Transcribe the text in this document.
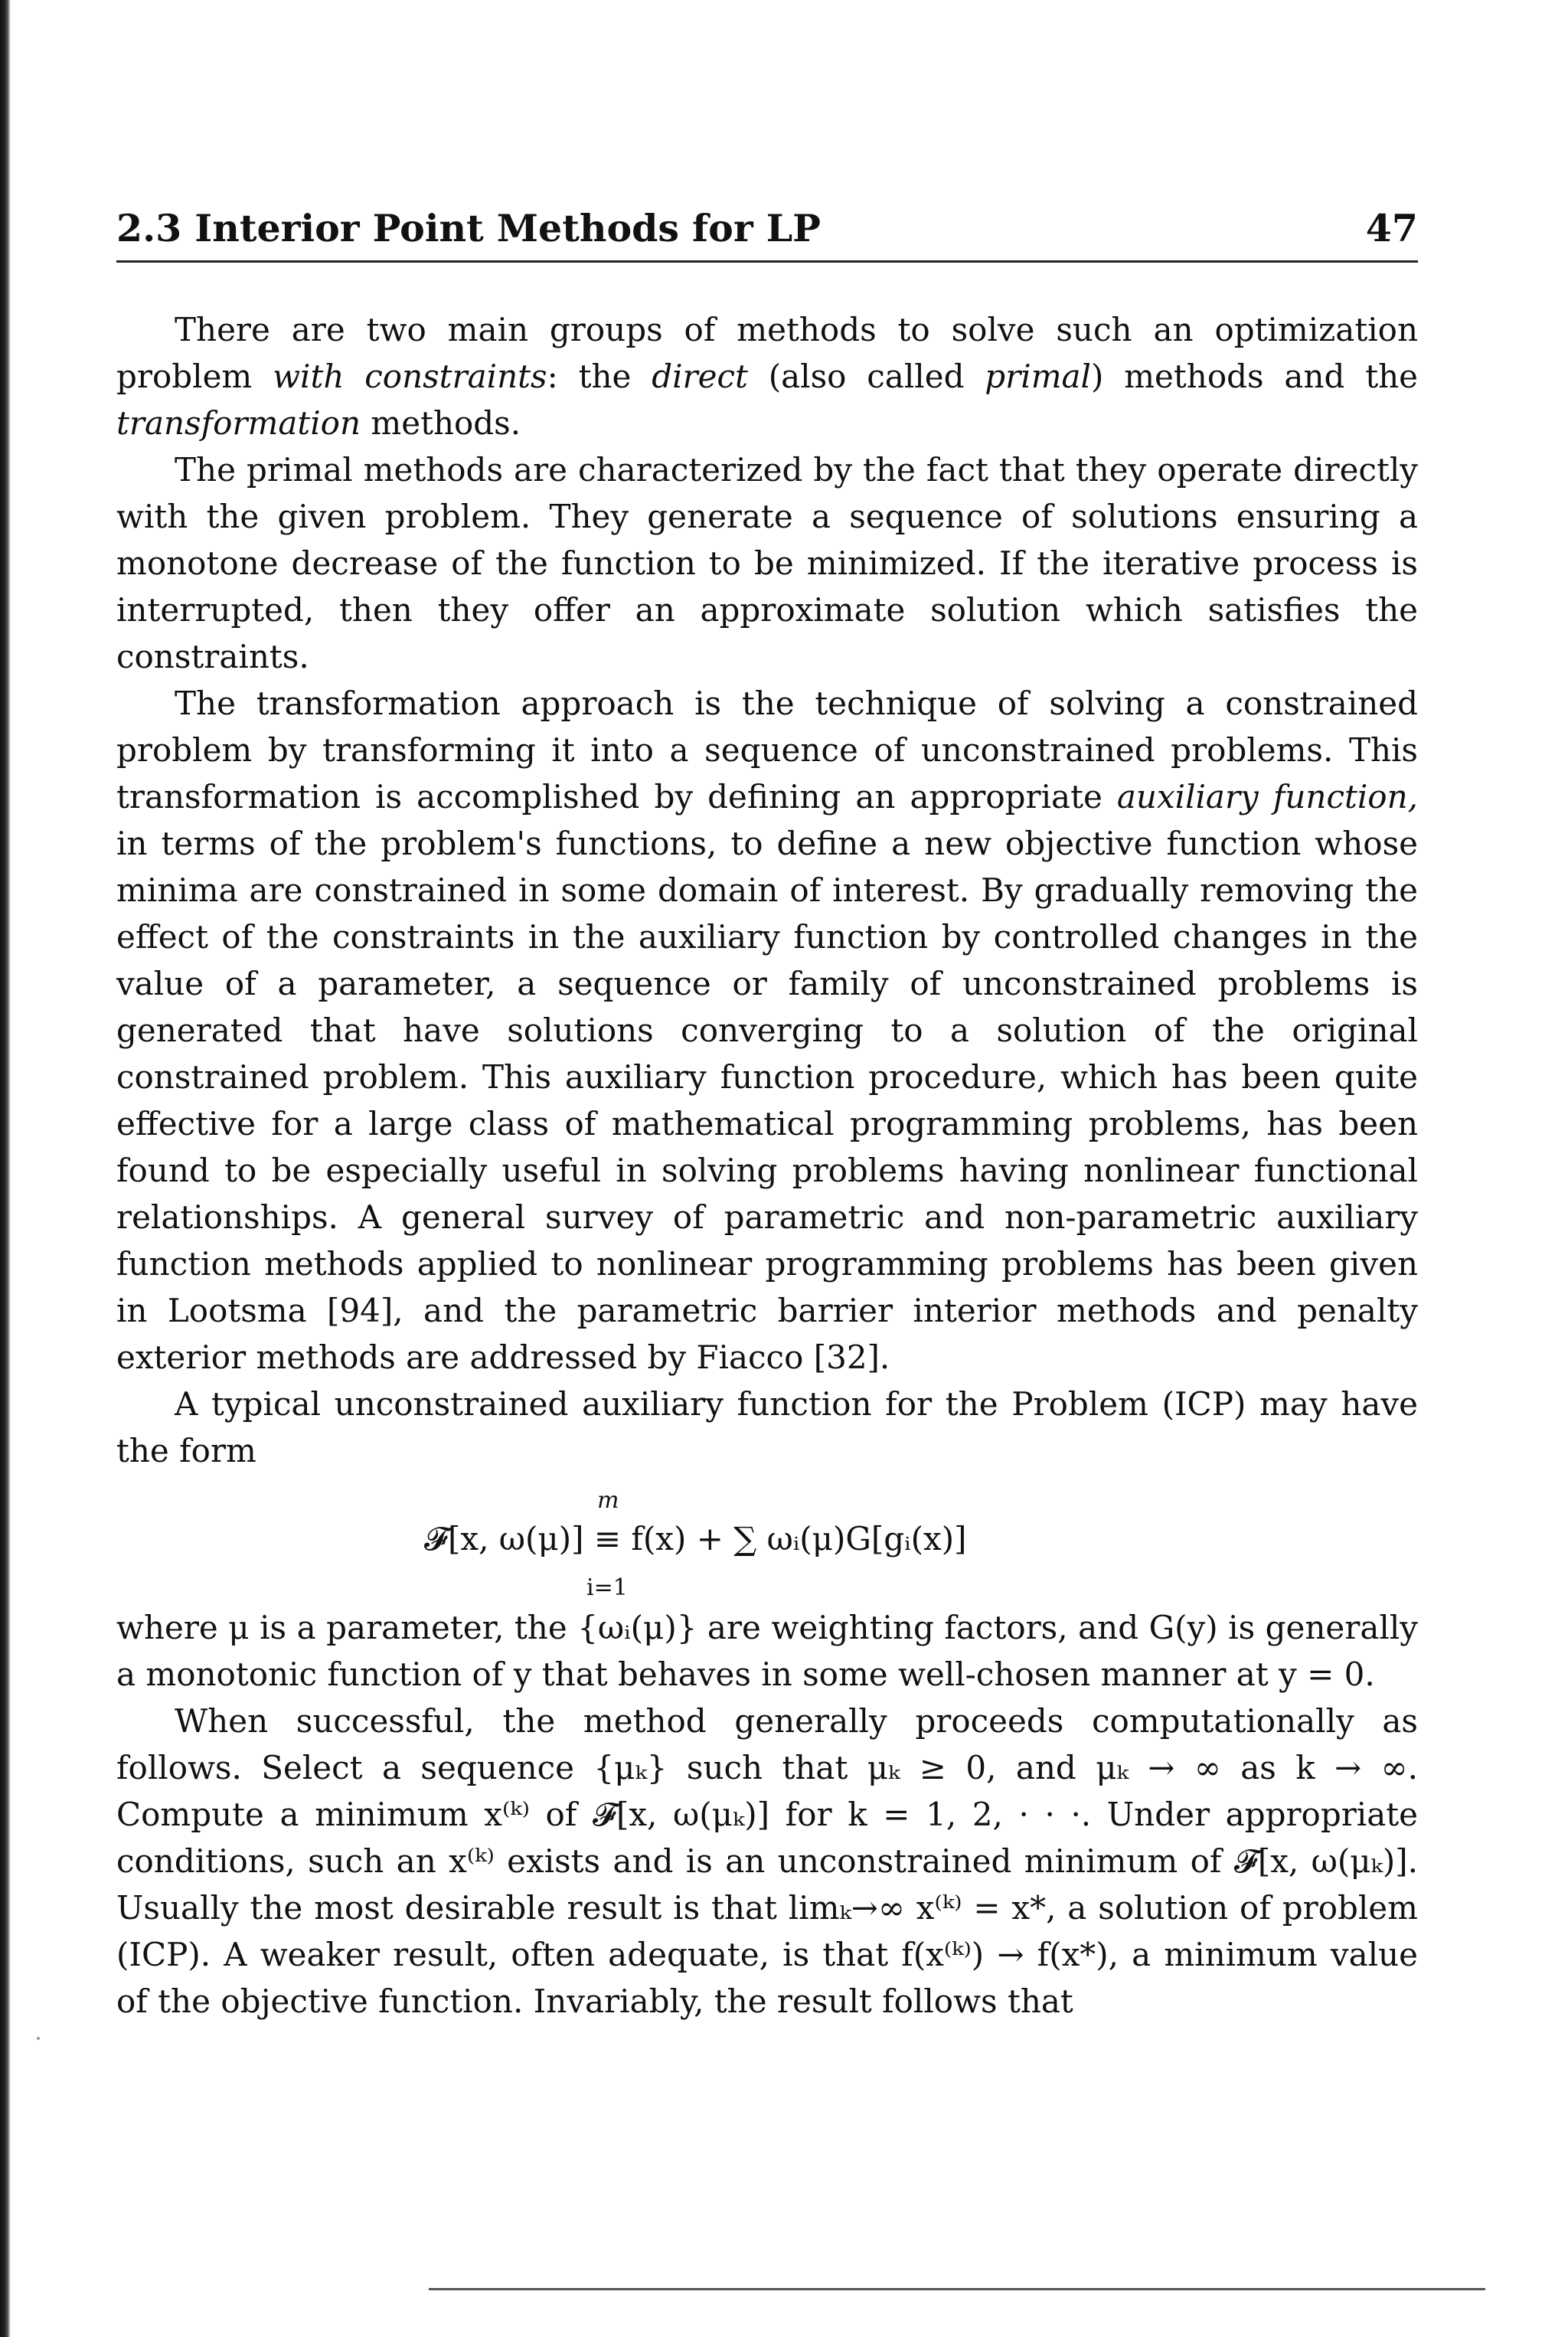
2.3 Interior Point Methods for LP	47

There are two main groups of methods to solve such an optimization problem with constraints: the direct (also called primal) methods and the transformation methods.

The primal methods are characterized by the fact that they operate directly with the given problem. They generate a sequence of solutions ensuring a monotone decrease of the function to be minimized. If the iterative process is interrupted, then they offer an approximate solution which satisfies the constraints.

The transformation approach is the technique of solving a constrained problem by transforming it into a sequence of unconstrained problems. This transformation is accomplished by defining an appropriate auxiliary function, in terms of the problem's functions, to define a new objective function whose minima are constrained in some domain of interest. By gradually removing the effect of the constraints in the auxiliary function by controlled changes in the value of a parameter, a sequence or family of unconstrained problems is generated that have solutions converging to a solution of the original constrained problem. This auxiliary function procedure, which has been quite effective for a large class of mathematical programming problems, has been found to be especially useful in solving problems having nonlinear functional relationships. A general survey of parametric and non-parametric auxiliary function methods applied to nonlinear programming problems has been given in Lootsma [94], and the parametric barrier interior methods and penalty exterior methods are addressed by Fiacco [32].

A typical unconstrained auxiliary function for the Problem (ICP) may have the form

m
𝓕[x, ω(μ)] ≡ f(x) + ∑ ωᵢ(μ)G[gᵢ(x)]
i=1

where μ is a parameter, the {ωᵢ(μ)} are weighting factors, and G(y) is generally a monotonic function of y that behaves in some well-chosen manner at y = 0.

When successful, the method generally proceeds computationally as follows. Select a sequence {μₖ} such that μₖ ≥ 0, and μₖ → ∞ as k → ∞. Compute a minimum x⁽ᵏ⁾ of 𝓕[x, ω(μₖ)] for k = 1, 2, · · ·. Under appropriate conditions, such an x⁽ᵏ⁾ exists and is an unconstrained minimum of 𝓕[x, ω(μₖ)]. Usually the most desirable result is that limₖ→∞ x⁽ᵏ⁾ = x*, a solution of problem (ICP). A weaker result, often adequate, is that f(x⁽ᵏ⁾) → f(x*), a minimum value of the objective function. Invariably, the result follows that
